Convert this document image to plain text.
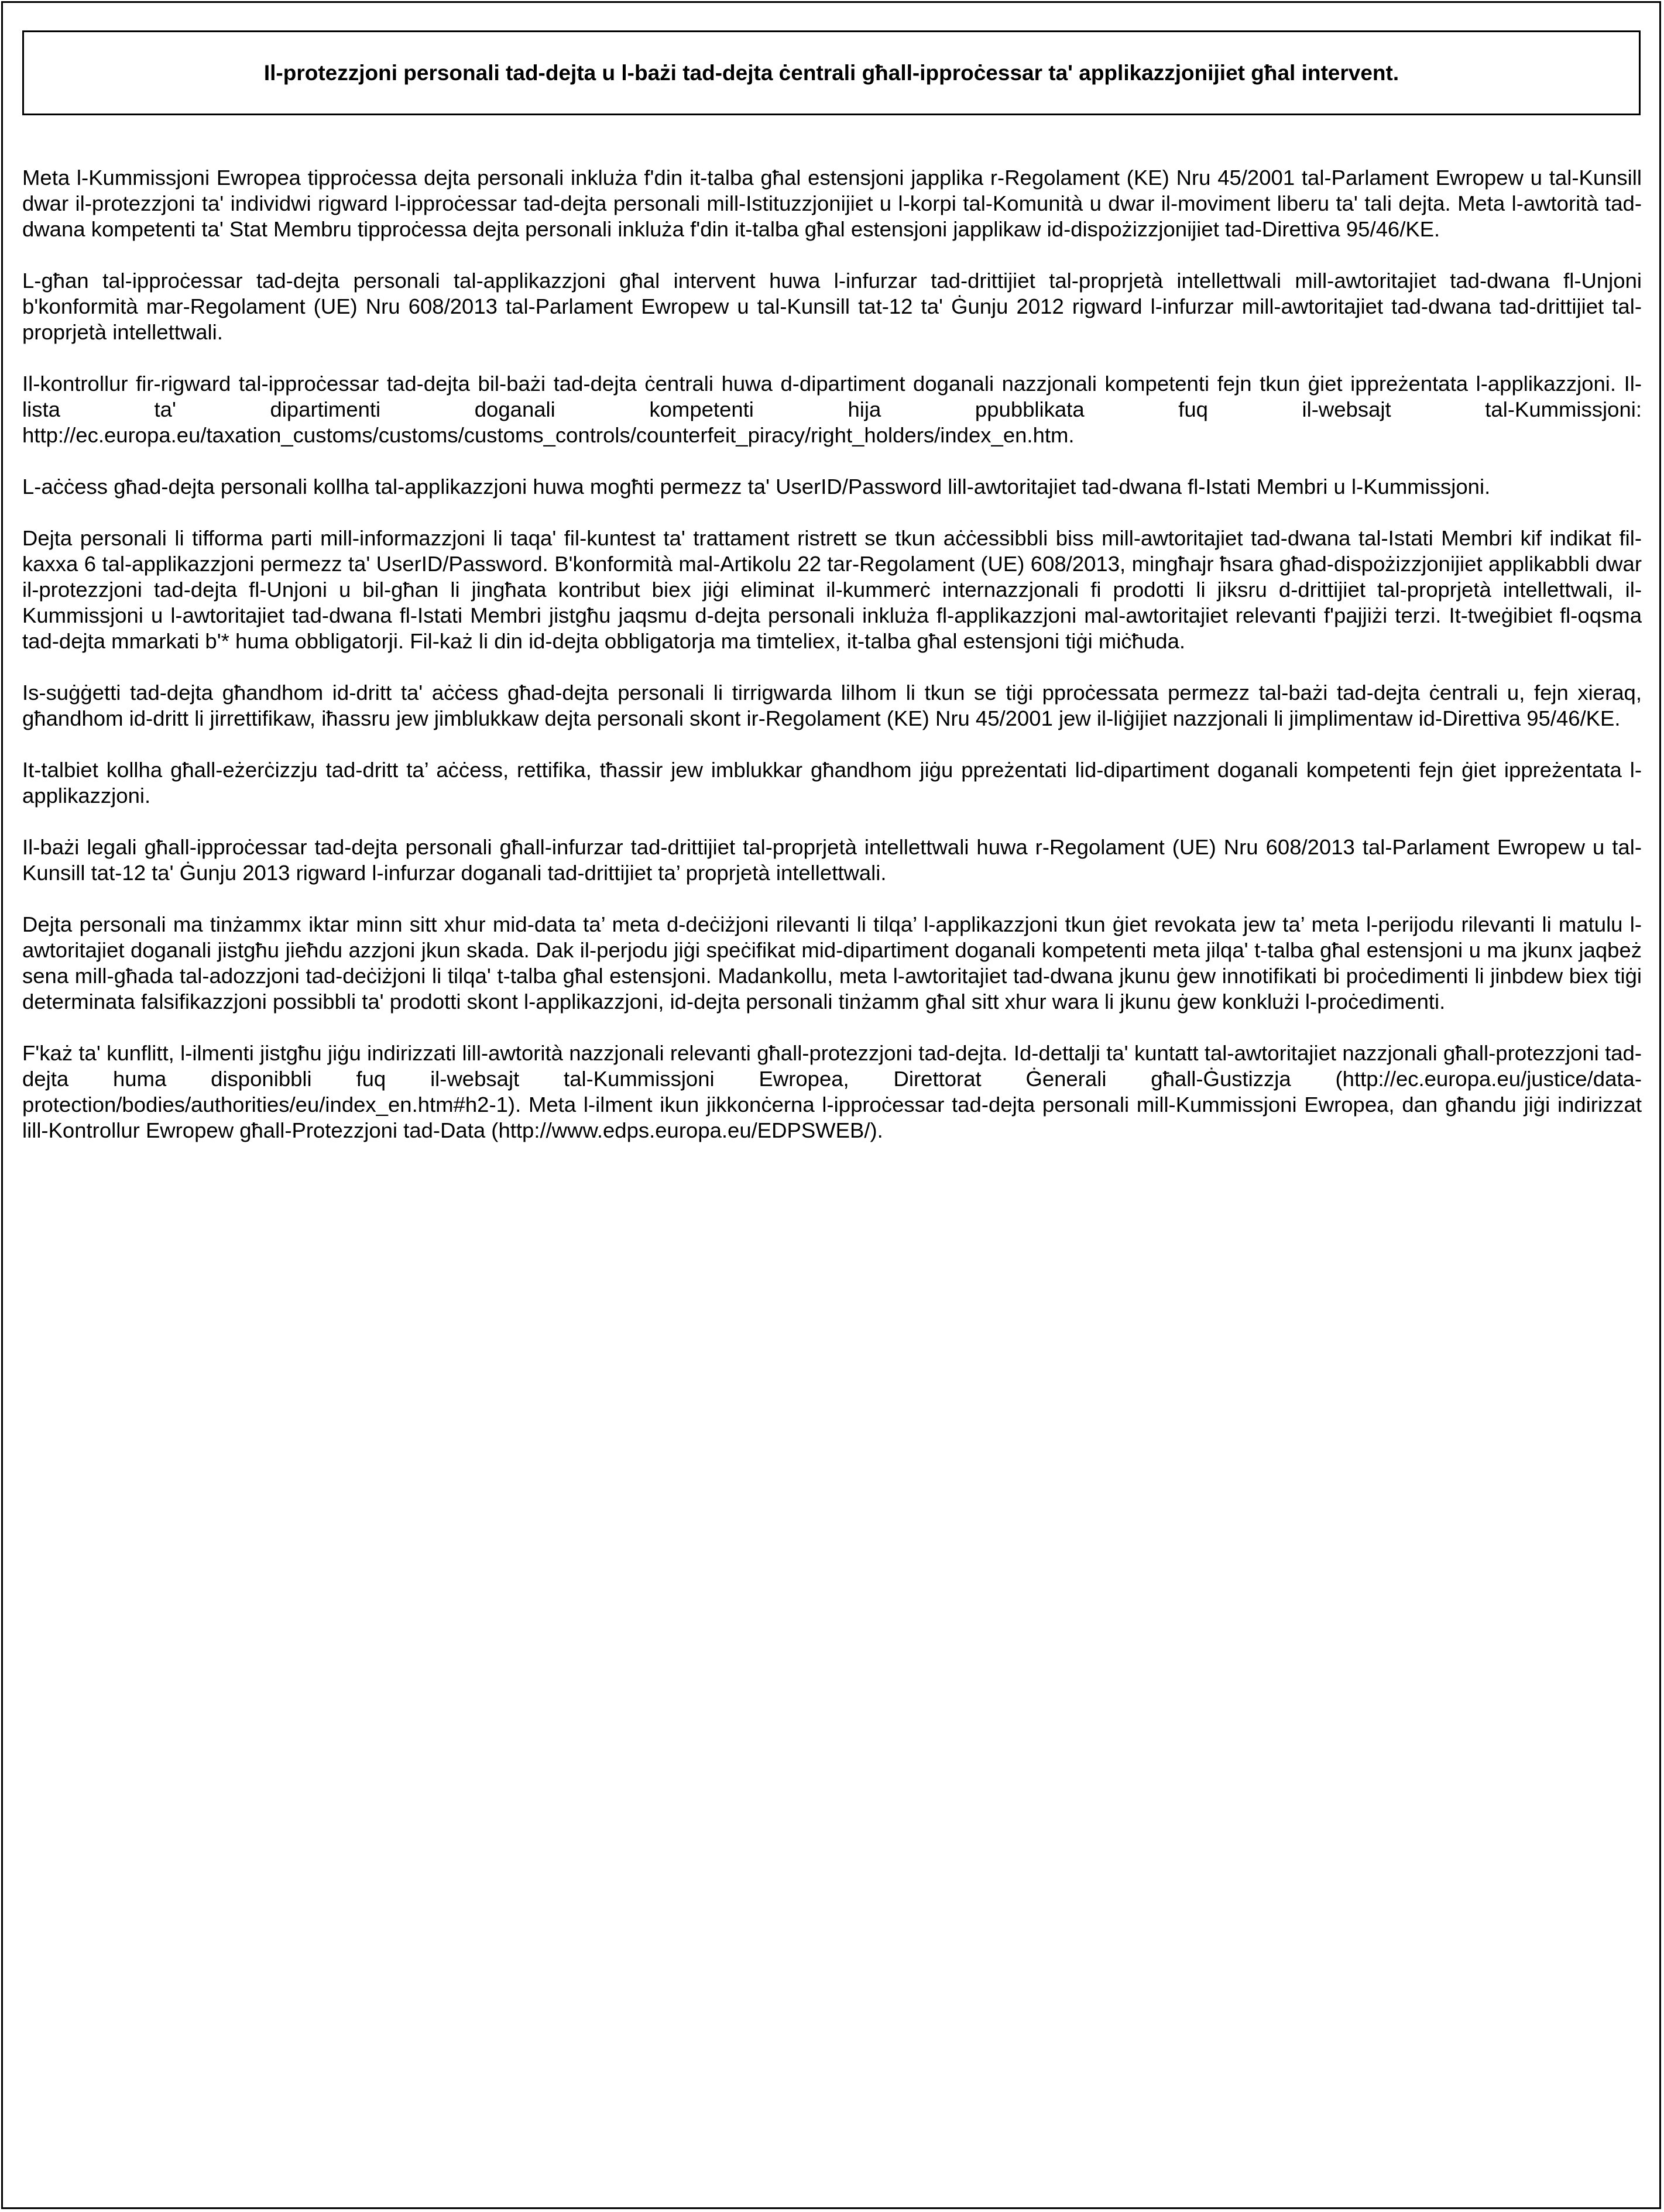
Il-protezzjoni personali tad-dejta u l-bażi tad-dejta ċentrali għall-ipproċessar ta' applikazzjonijiet għal intervent.

Meta l-Kummissjoni Ewropea tipproċessa dejta personali inkluża f'din it-talba għal estensjoni japplika r-Regolament (KE) Nru 45/2001 tal-Parlament Ewropew u tal-Kunsill dwar il-protezzjoni ta' individwi rigward l-ipproċessar tad-dejta personali mill-Istituzzjonijiet u l-korpi tal-Komunità u dwar il-moviment liberu ta' tali dejta. Meta l-awtorità tad-dwana kompetenti ta' Stat Membru tipproċessa dejta personali inkluża f'din it-talba għal estensjoni japplikaw id-dispożizzjonijiet tad-Direttiva 95/46/KE.

L-għan tal-ipproċessar tad-dejta personali tal-applikazzjoni għal intervent huwa l-infurzar tad-drittijiet tal-proprjetà intellettwali mill-awtoritajiet tad-dwana fl-Unjoni b'konformità mar-Regolament (UE) Nru 608/2013 tal-Parlament Ewropew u tal-Kunsill tat-12 ta' Ġunju 2012 rigward l-infurzar mill-awtoritajiet tad-dwana tad-drittijiet tal-proprjetà intellettwali.

Il-kontrollur fir-rigward tal-ipproċessar tad-dejta bil-bażi tad-dejta ċentrali huwa d-dipartiment doganali nazzjonali kompetenti fejn tkun ġiet ippreżentata l-applikazzjoni. Il-lista ta' dipartimenti doganali kompetenti hija ppubblikata fuq il-websajt tal-Kummissjoni: http://ec.europa.eu/taxation_customs/customs/customs_controls/counterfeit_piracy/right_holders/index_en.htm.

L-aċċess għad-dejta personali kollha tal-applikazzjoni huwa mogħti permezz ta' UserID/Password lill-awtoritajiet tad-dwana fl-Istati Membri u l-Kummissjoni.

Dejta personali li tifforma parti mill-informazzjoni li taqa' fil-kuntest ta' trattament ristrett se tkun aċċessibbli biss mill-awtoritajiet tad-dwana tal-Istati Membri kif indikat fil-kaxxa 6 tal-applikazzjoni permezz ta' UserID/Password. B'konformità mal-Artikolu 22 tar-Regolament (UE) 608/2013, mingħajr ħsara għad-dispożizzjonijiet applikabbli dwar il-protezzjoni tad-dejta fl-Unjoni u bil-għan li jingħata kontribut biex jiġi eliminat il-kummerċ internazzjonali fi prodotti li jiksru d-drittijiet tal-proprjetà intellettwali, il-Kummissjoni u l-awtoritajiet tad-dwana fl-Istati Membri jistgħu jaqsmu d-dejta personali inkluża fl-applikazzjoni mal-awtoritajiet relevanti f'pajjiżi terzi. It-tweġibiet fl-oqsma tad-dejta mmarkati b'* huma obbligatorji. Fil-każ li din id-dejta obbligatorja ma timteliex, it-talba għal estensjoni tiġi miċħuda.

Is-suġġetti tad-dejta għandhom id-dritt ta' aċċess għad-dejta personali li tirrigwarda lilhom li tkun se tiġi pproċessata permezz tal-bażi tad-dejta ċentrali u, fejn xieraq, għandhom id-dritt li jirrettifikaw, iħassru jew jimblukkaw dejta personali skont ir-Regolament (KE) Nru 45/2001 jew il-liġijiet nazzjonali li jimplimentaw id-Direttiva 95/46/KE.

It-talbiet kollha għall-eżerċizzju tad-dritt ta’ aċċess, rettifika, tħassir jew imblukkar għandhom jiġu ppreżentati lid-dipartiment doganali kompetenti fejn ġiet ippreżentata l-applikazzjoni.

Il-bażi legali għall-ipproċessar tad-dejta personali għall-infurzar tad-drittijiet tal-proprjetà intellettwali huwa r-Regolament (UE) Nru 608/2013 tal-Parlament Ewropew u tal-Kunsill tat-12 ta' Ġunju 2013 rigward l-infurzar doganali tad-drittijiet ta’ proprjetà intellettwali.

Dejta personali ma tinżammx iktar minn sitt xhur mid-data ta’ meta d-deċiżjoni rilevanti li tilqa’ l-applikazzjoni tkun ġiet revokata jew ta’ meta l-perijodu rilevanti li matulu l-awtoritajiet doganali jistgħu jieħdu azzjoni jkun skada. Dak il-perjodu jiġi speċifikat mid-dipartiment doganali kompetenti meta jilqa' t-talba għal estensjoni u ma jkunx jaqbeż sena mill-għada tal-adozzjoni tad-deċiżjoni li tilqa' t-talba għal estensjoni. Madankollu, meta l-awtoritajiet tad-dwana jkunu ġew innotifikati bi proċedimenti li jinbdew biex tiġi determinata falsifikazzjoni possibbli ta' prodotti skont l-applikazzjoni, id-dejta personali tinżamm għal sitt xhur wara li jkunu ġew konklużi l-proċedimenti.

F'każ ta' kunflitt, l-ilmenti jistgħu jiġu indirizzati lill-awtorità nazzjonali relevanti għall-protezzjoni tad-dejta. Id-dettalji ta' kuntatt tal-awtoritajiet nazzjonali għall-protezzjoni tad-dejta huma disponibbli fuq il-websajt tal-Kummissjoni Ewropea, Direttorat Ġenerali għall-Ġustizzja (http://ec.europa.eu/justice/data-protection/bodies/authorities/eu/index_en.htm#h2-1). Meta l-ilment ikun jikkonċerna l-ipproċessar tad-dejta personali mill-Kummissjoni Ewropea, dan għandu jiġi indirizzat lill-Kontrollur Ewropew għall-Protezzjoni tad-Data (http://www.edps.europa.eu/EDPSWEB/).
